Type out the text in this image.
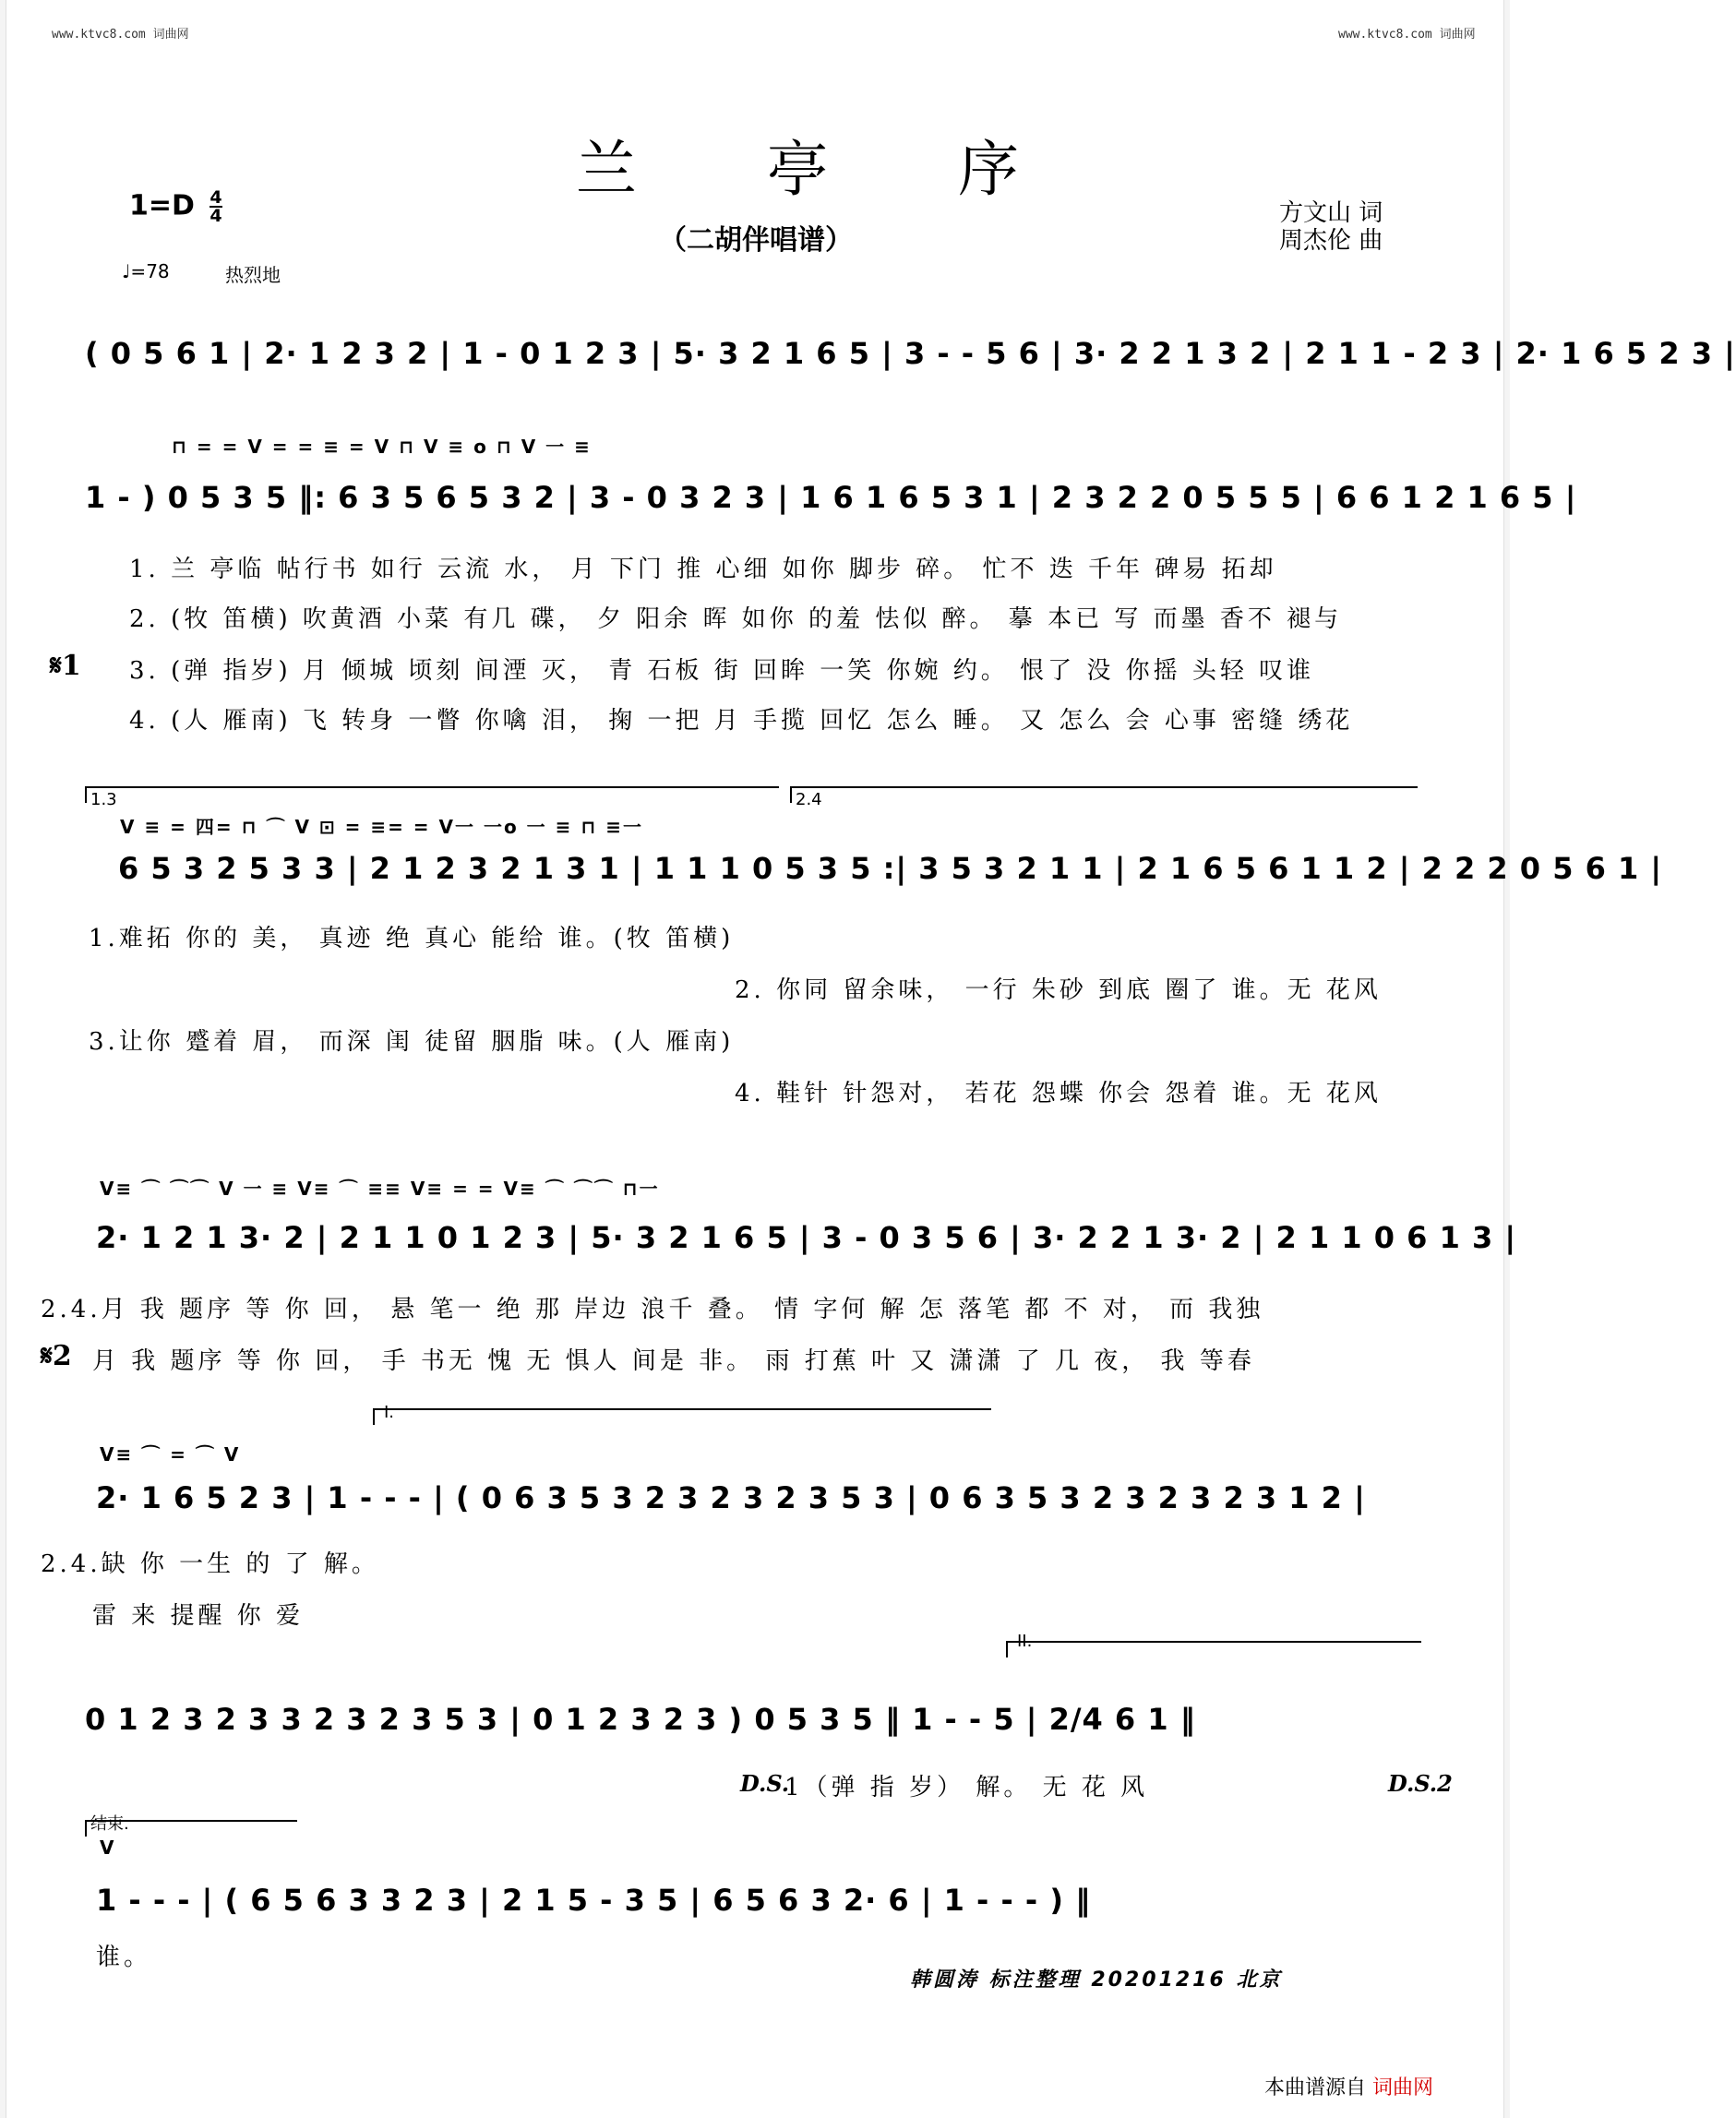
www.ktvc8.com 词曲网	www.ktvc8.com 词曲网
兰 亭 序
（二胡伴唱谱）
$1=D \frac{4}{4}$
♩=78	热烈地
方文山 词
周杰伦 曲
( 0 5 6 1 | 2· 1 2 3 2 | 1 - 0 1 2 3 | 5· 3 2 1 6 5 | 3 - - 5 6 | 3· 2 2 1 3 2 | 2 1 1 - 2 3 | 2· 1 6 5 2 3 |
⊓ = = V = = ≡ = V ⊓ V ≡ o ⊓ V 一 ≡
1 - ) 0 5 3 5 ‖: 6 3 5 6 5 3 2 | 3 - 0 3 2 3 | 1 6 1 6 5 3 1 | 2 3 2 2 0 5 5 5 | 6 6 1 2 1 6 5 |
1. 兰 亭临 帖行书 如行 云流 水， 月 下门 推 心细 如你 脚步 碎。 忙不 迭 千年 碑易 拓却
2. (牧 笛横) 吹黄酒 小菜 有几 碟， 夕 阳余 晖 如你 的羞 怯似 醉。 摹 本已 写 而墨 香不 褪与
𝄋1 3. (弹 指岁) 月 倾城 顷刻 间湮 灭， 青 石板 街 回眸 一笑 你婉 约。 恨了 没 你摇 头轻 叹谁
4. (人 雁南) 飞 转身 一瞥 你噙 泪， 掬 一把 月 手揽 回忆 怎么 睡。 又 怎么 会 心事 密缝 绣花
1.3	2.4
V ≡ = 四= ⊓ ⌒ V ⊡ = ≡= = V一 一o 一 ≡ ⊓ ≡一
6 5 3 2 5 3 3 | 2 1 2 3 2 1 3 1 | 1 1 1 0 5 3 5 :| 3 5 3 2 1 1 | 2 1 6 5 6 1 1 2 | 2 2 2 0 5 6 1 |
1.难拓 你的 美， 真迹 绝 真心 能给 谁。(牧 笛横)
2. 你同 留余味， 一行 朱砂 到底 圈了 谁。无 花风
3.让你 蹙着 眉， 而深 闺 徒留 胭脂 味。(人 雁南)
4. 鞋针 针怨对， 若花 怨蝶 你会 怨着 谁。无 花风
V≡ ⌒ ⌒⌒ V 一 ≡ V≡ ⌒ ≡≡ V≡ = = V≡ ⌒ ⌒⌒ ⊓一
2· 1 2 1 3· 2 | 2 1 1 0 1 2 3 | 5· 3 2 1 6 5 | 3 - 0 3 5 6 | 3· 2 2 1 3· 2 | 2 1 1 0 6 1 3 |
2.4.月 我 题序 等 你 回， 悬 笔一 绝 那 岸边 浪千 叠。 情 字何 解 怎 落笔 都 不 对， 而 我独
𝄋2 月 我 题序 等 你 回， 手 书无 愧 无 惧人 间是 非。 雨 打蕉 叶 又 潇潇 了 几 夜， 我 等春
I.
V≡ ⌒ = ⌒ V
2· 1 6 5 2 3 | 1 - - - | ( 0 6 3 5 3 2 3 2 3 2 3 5 3 | 0 6 3 5 3 2 3 2 3 2 3 1 2 |
2.4.缺 你 一生 的 了 解。
雷 来 提醒 你 爱
II.
0 1 2 3 2 3 3 2 3 2 3 5 3 | 0 1 2 3 2 3 ) 0 5 3 5 ‖ 1 - - 5 | 2/4 6 1 ‖
D.S.
1（弹 指 岁） 解。 无 花 风	D.S.2
结束.
V
1 - - - | ( 6 5 6 3 3 2 3 | 2 1 5 - 3 5 | 6 5 6 3 2· 6 | 1 - - - ) ‖
谁。
韩圆涛 标注整理 20201216 北京
本曲谱源自 词曲网
